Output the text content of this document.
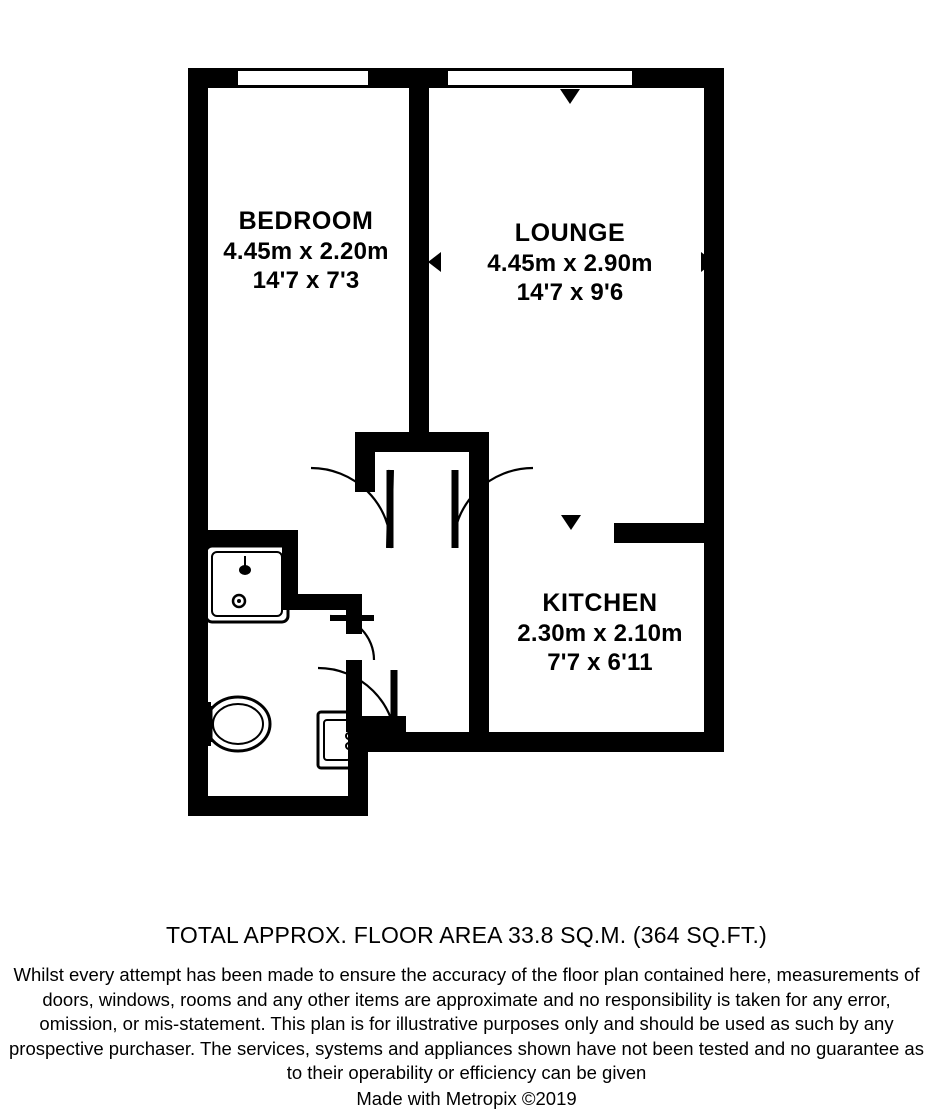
BEDROOM
4.45m x 2.20m
14'7 x 7'3
LOUNGE
4.45m x 2.90m
14'7 x 9'6
KITCHEN
2.30m x 2.10m
7'7 x 6'11
TOTAL APPROX. FLOOR AREA 33.8 SQ.M. (364 SQ.FT.)
Whilst every attempt has been made to ensure the accuracy of the floor plan contained here, measurements of doors, windows, rooms and any other items are approximate and no responsibility is taken for any error, omission, or mis-statement. This plan is for illustrative purposes only and should be used as such by any prospective purchaser. The services, systems and appliances shown have not been tested and no guarantee as to their operability or efficiency can be given
Made with Metropix ©2019
